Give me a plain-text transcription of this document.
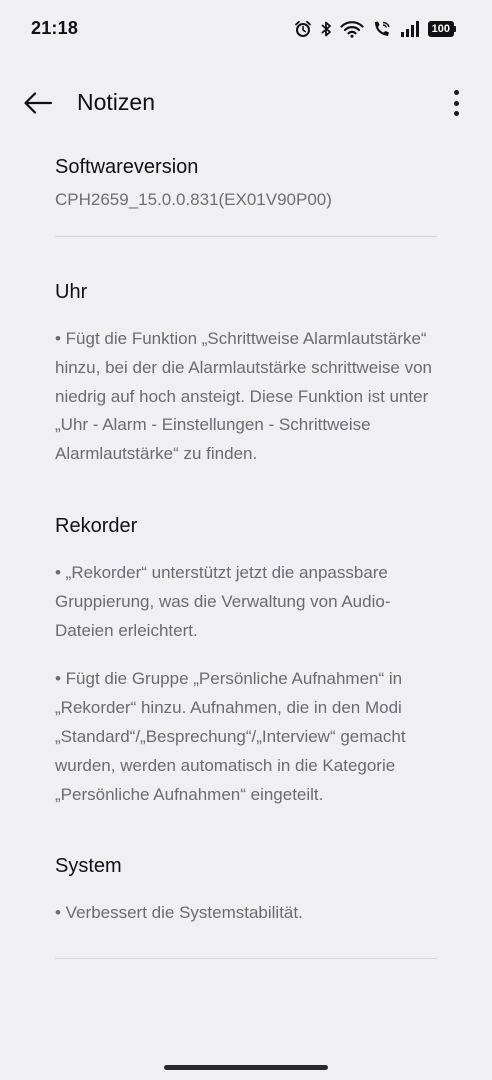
21:18	100
Notizen
Softwareversion
CPH2659_15.0.0.831(EX01V90P00)
Uhr
• Fügt die Funktion „Schrittweise Alarmlautstärke“ hinzu, bei der die Alarmlautstärke schrittweise von niedrig auf hoch ansteigt. Diese Funktion ist unter „Uhr - Alarm - Einstellungen - Schrittweise Alarmlautstärke“ zu finden.
Rekorder
• „Rekorder“ unterstützt jetzt die anpassbare Gruppierung, was die Verwaltung von Audio-Dateien erleichtert.
• Fügt die Gruppe „Persönliche Aufnahmen“ in „Rekorder“ hinzu. Aufnahmen, die in den Modi „Standard“/„Besprechung“/„Interview“ gemacht wurden, werden automatisch in die Kategorie „Persönliche Aufnahmen“ eingeteilt.
System
• Verbessert die Systemstabilität.
